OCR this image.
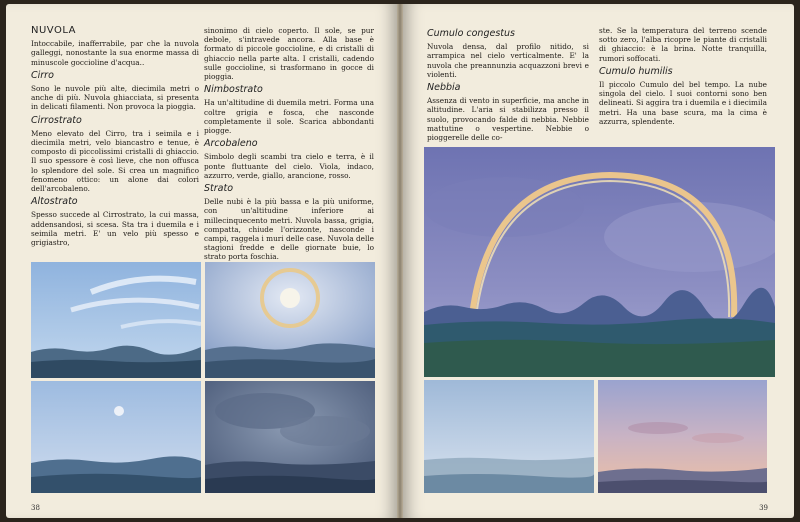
NUVOLA

Intoccabile, inafferrabile, par che la nuvola galleggi, nonostante la sua enorme massa di minuscole goccioline d'acqua..

Cirro

Sono le nuvole più alte, diecimila metri o anche di più. Nuvola ghiacciata, si presenta in delicati filamenti. Non provoca la pioggia.

Cirrostrato

Meno elevato del Cirro, tra i seimila e i diecimila metri, velo biancastro e tenue, è composto di piccolissimi cristalli di ghiaccio. Il suo spessore è così lieve, che non offusca lo splendore del sole. Si crea un magnifico fenomeno ottico: un alone dai colori dell'arcobaleno.

Altostrato

Spesso succede al Cirrostrato, la cui massa, addensandosi, si scesa. Sta tra i duemila e i seimila metri. E' un velo più spesso e grigiastro,

sinonimo di cielo coperto. Il sole, se pur debole, s'intravede ancora. Alla base è formato di piccole goccioline, e di cristalli di ghiaccio nella parte alta. I cristalli, cadendo sulle goccioline, si trasformano in gocce di pioggia.

Nimbostrato

Ha un'altitudine di duemila metri. Forma una coltre grigia e fosca, che nasconde completamente il sole. Scarica abbondanti piogge.

Arcobaleno

Simbolo degli scambi tra cielo e terra, è il ponte fluttuante del cielo. Viola, indaco, azzurro, verde, giallo, arancione, rosso.

Strato

Delle nubi è la più bassa e la più uniforme, con un'altitudine inferiore ai millecinquecento metri. Nuvola bassa, grigia, compatta, chiude l'orizzonte, nasconde i campi, raggela i muri delle case. Nuvola delle stagioni fredde e delle giornate buie, lo strato porta foschia.

38
Cumulo congestus

Nuvola densa, dal profilo nitido, si arrampica nel cielo verticalmente. E' la nuvola che preannunzia acquazzoni brevi e violenti.

Nebbia

Assenza di vento in superficie, ma anche in altitudine. L'aria si stabilizza presso il suolo, provocando falde di nebbia. Nebbie mattutine o vespertine. Nebbie o pioggerelle delle co-

ste. Se la temperatura del terreno scende sotto zero, l'alba ricopre le piante di cristalli di ghiaccio: è la brina. Notte tranquilla, rumori soffocati.

Cumulo humilis

Il piccolo Cumulo del bel tempo. La nube singola del cielo. I suoi contorni sono ben delineati. Si aggira tra i duemila e i diecimila metri. Ha una base scura, ma la cima è azzurra, splendente.

39
